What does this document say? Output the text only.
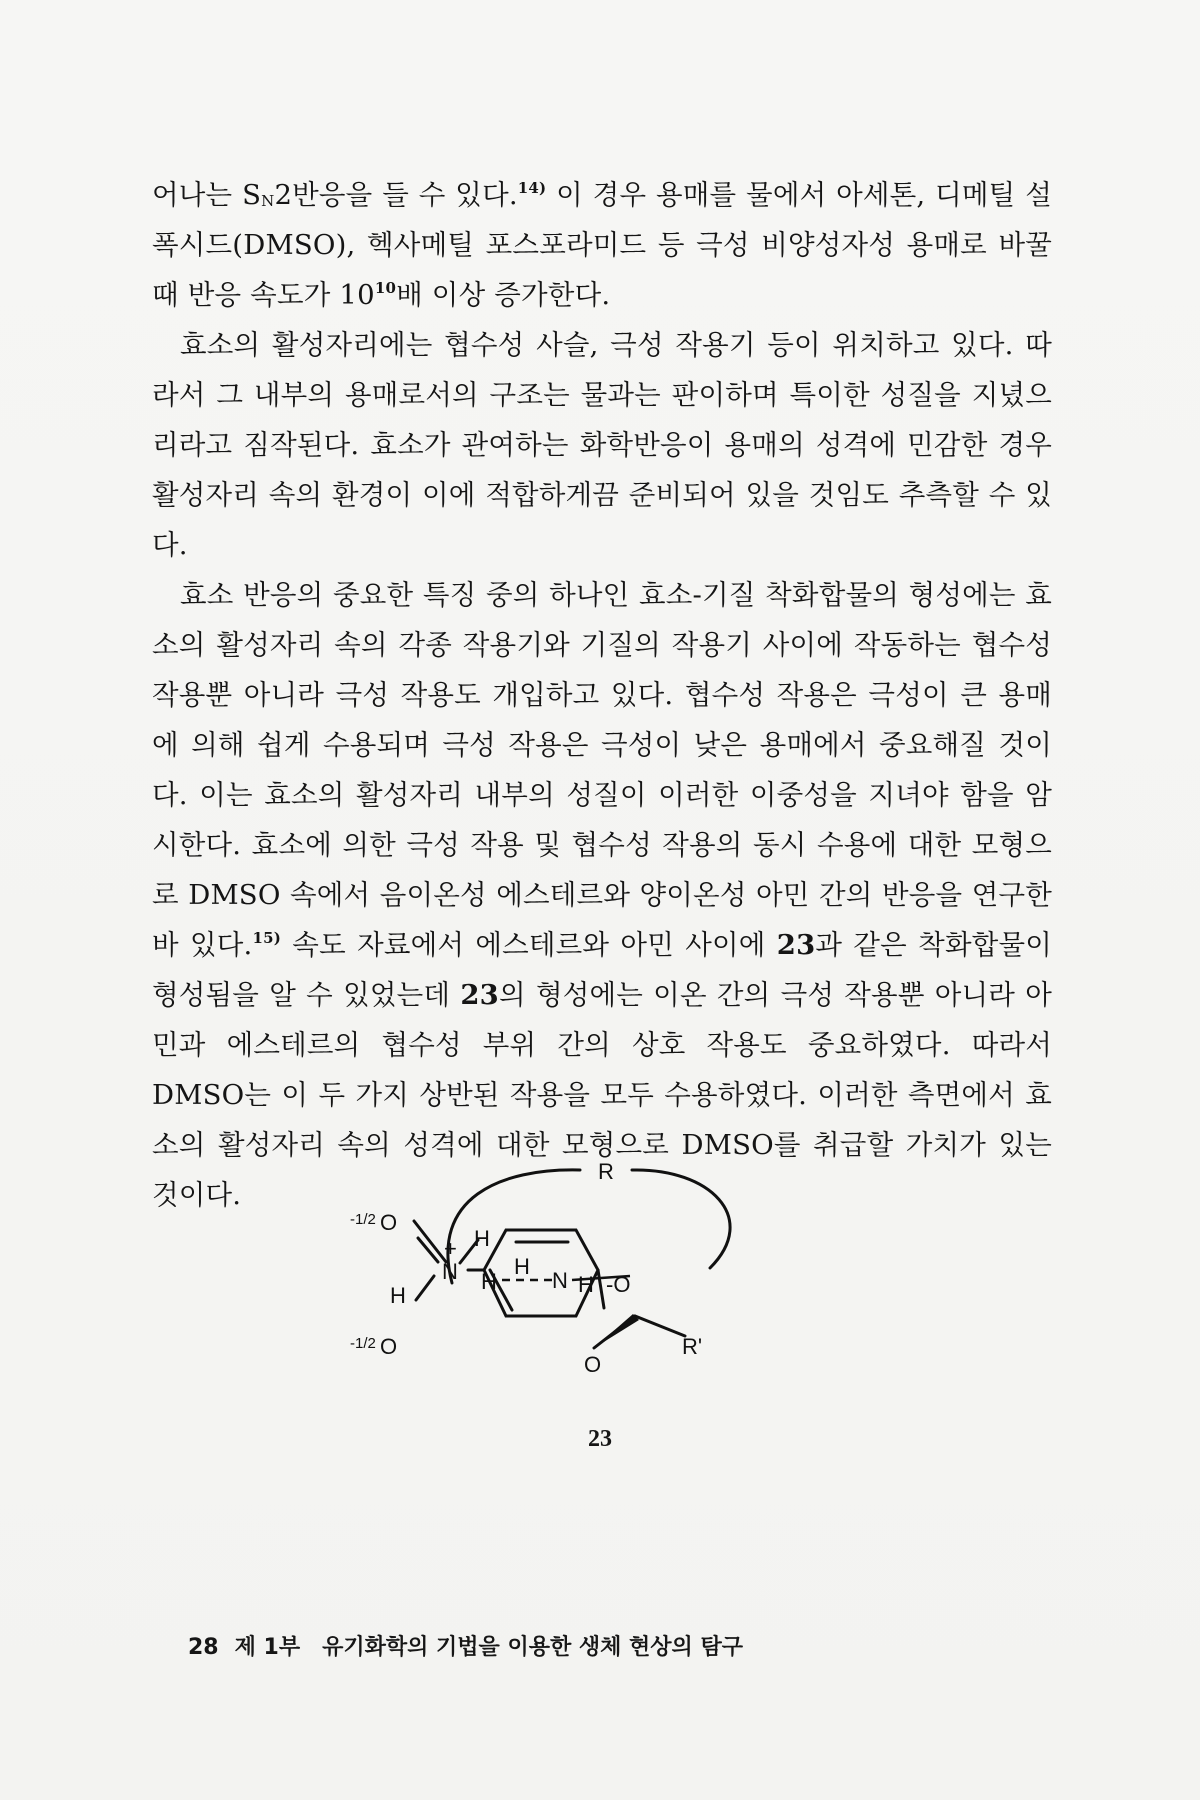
어나는 $S_N2$반응을 들 수 있다.$^{14)}$ 이 경우 용매를 물에서 아세톤, 디메틸 설폭시드(DMSO), 헥사메틸 포스포라미드 등 극성 비양성자성 용매로 바꿀 때 반응 속도가 $10^{10}$배 이상 증가한다.

효소의 활성자리에는 협수성 사슬, 극성 작용기 등이 위치하고 있다. 따라서 그 내부의 용매로서의 구조는 물과는 판이하며 특이한 성질을 지녔으리라고 짐작된다. 효소가 관여하는 화학반응이 용매의 성격에 민감한 경우 활성자리 속의 환경이 이에 적합하게끔 준비되어 있을 것임도 추측할 수 있다.

효소 반응의 중요한 특징 중의 하나인 효소-기질 착화합물의 형성에는 효소의 활성자리 속의 각종 작용기와 기질의 작용기 사이에 작동하는 협수성 작용뿐 아니라 극성 작용도 개입하고 있다. 협수성 작용은 극성이 큰 용매에 의해 쉽게 수용되며 극성 작용은 극성이 낮은 용매에서 중요해질 것이다. 이는 효소의 활성자리 내부의 성질이 이러한 이중성을 지녀야 함을 암시한다. 효소에 의한 극성 작용 및 협수성 작용의 동시 수용에 대한 모형으로 DMSO 속에서 음이온성 에스테르와 양이온성 아민 간의 반응을 연구한 바 있다.$^{15)}$ 속도 자료에서 에스테르와 아민 사이에 23과 같은 착화합물이 형성됨을 알 수 있었는데 23의 형성에는 이온 간의 극성 작용뿐 아니라 아민과 에스테르의 협수성 부위 간의 상호 작용도 중요하였다. 따라서 DMSO는 이 두 가지 상반된 작용을 모두 수용하였다. 이러한 측면에서 효소의 활성자리 속의 성격에 대한 모형으로 DMSO를 취급할 가치가 있는 것이다.

R
-1/2 O
+ H
N
H
-1/2 O
H
H	N H -O
O
R'
23
28 제 1부 유기화학의 기법을 이용한 생체 현상의 탐구
